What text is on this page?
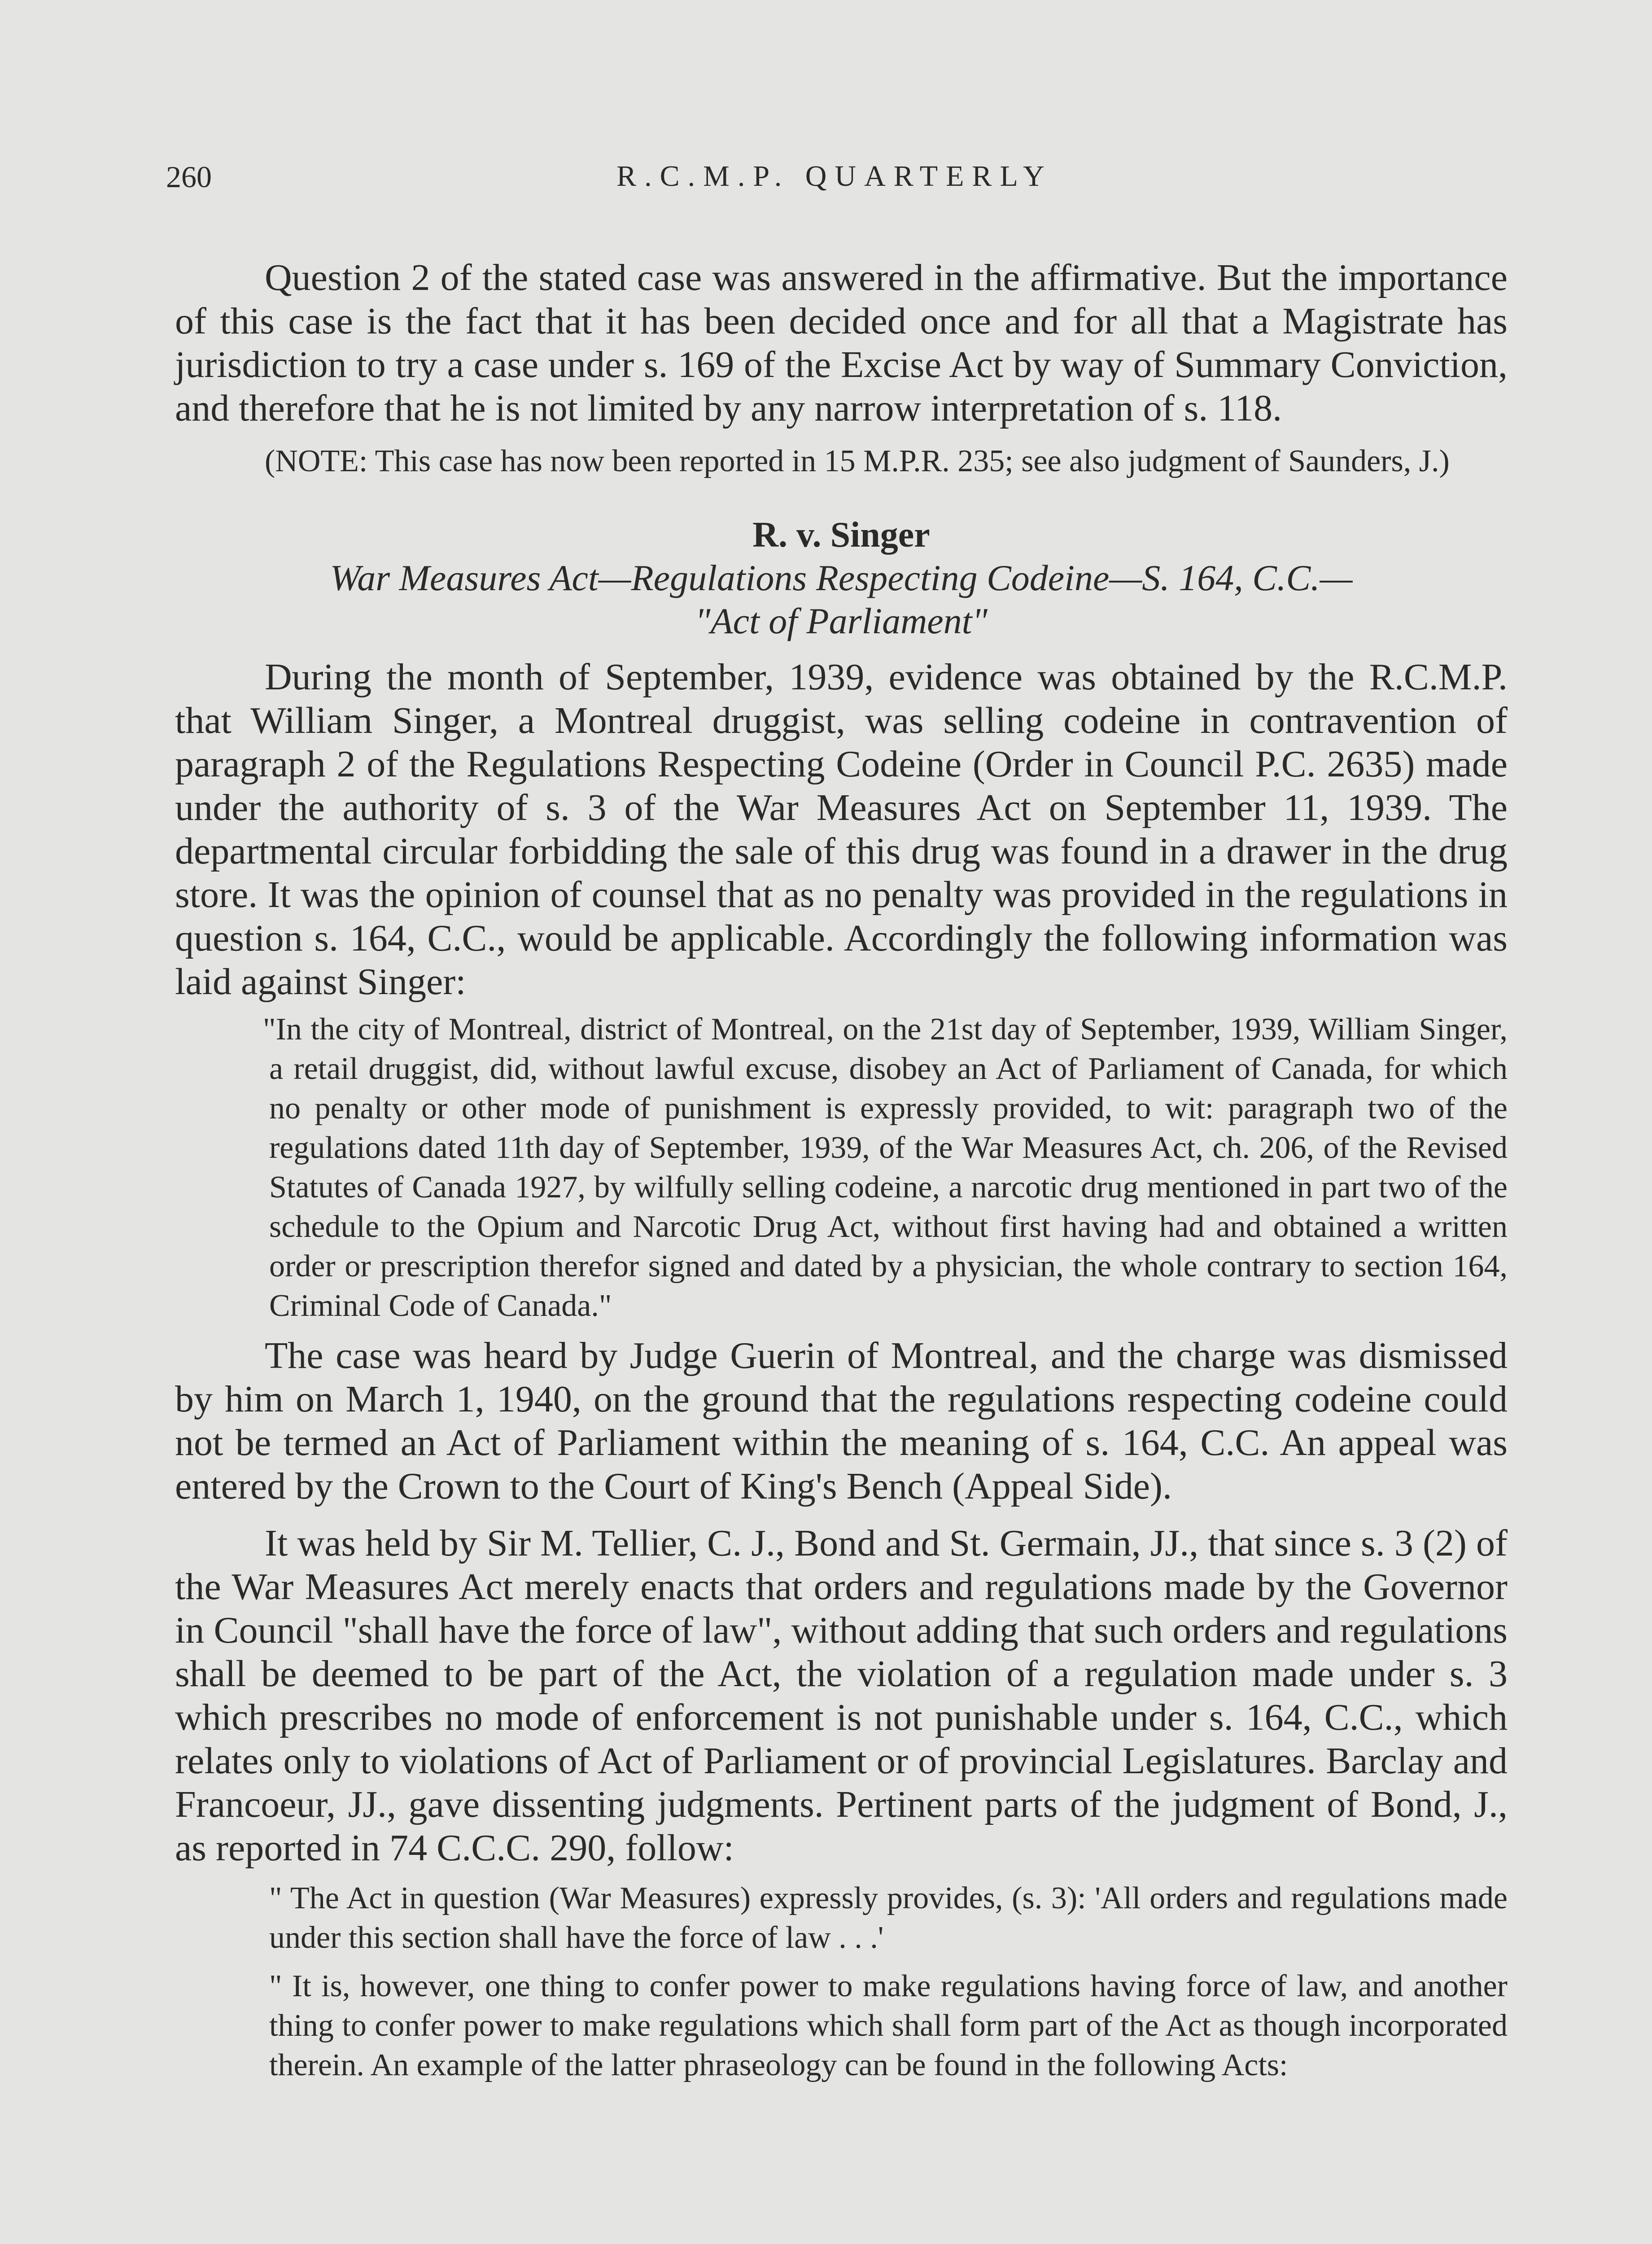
260	R.C.M.P. QUARTERLY

Question 2 of the stated case was answered in the affirmative. But the importance of this case is the fact that it has been decided once and for all that a Magistrate has jurisdiction to try a case under s. 169 of the Excise Act by way of Summary Conviction, and therefore that he is not limited by any narrow interpretation of s. 118.

(NOTE: This case has now been reported in 15 M.P.R. 235; see also judgment of Saunders, J.)

R. v. Singer
War Measures Act—Regulations Respecting Codeine—S. 164, C.C.—
"Act of Parliament"

During the month of September, 1939, evidence was obtained by the R.C.M.P. that William Singer, a Montreal druggist, was selling codeine in contravention of paragraph 2 of the Regulations Respecting Codeine (Order in Council P.C. 2635) made under the authority of s. 3 of the War Measures Act on September 11, 1939. The departmental circular forbidding the sale of this drug was found in a drawer in the drug store. It was the opinion of counsel that as no penalty was provided in the regulations in question s. 164, C.C., would be applicable. Accordingly the following information was laid against Singer:

"In the city of Montreal, district of Montreal, on the 21st day of September, 1939, William Singer, a retail druggist, did, without lawful excuse, disobey an Act of Parliament of Canada, for which no penalty or other mode of punishment is expressly provided, to wit: paragraph two of the regulations dated 11th day of September, 1939, of the War Measures Act, ch. 206, of the Revised Statutes of Canada 1927, by wilfully selling codeine, a narcotic drug mentioned in part two of the schedule to the Opium and Narcotic Drug Act, without first having had and obtained a written order or prescription therefor signed and dated by a physician, the whole contrary to section 164, Criminal Code of Canada."

The case was heard by Judge Guerin of Montreal, and the charge was dismissed by him on March 1, 1940, on the ground that the regulations respecting codeine could not be termed an Act of Parliament within the meaning of s. 164, C.C. An appeal was entered by the Crown to the Court of King's Bench (Appeal Side).

It was held by Sir M. Tellier, C. J., Bond and St. Germain, JJ., that since s. 3 (2) of the War Measures Act merely enacts that orders and regulations made by the Governor in Council "shall have the force of law", without adding that such orders and regulations shall be deemed to be part of the Act, the violation of a regulation made under s. 3 which prescribes no mode of enforcement is not punishable under s. 164, C.C., which relates only to violations of Act of Parliament or of provincial Legislatures. Barclay and Francoeur, JJ., gave dissenting judgments. Pertinent parts of the judgment of Bond, J., as reported in 74 C.C.C. 290, follow:

" The Act in question (War Measures) expressly provides, (s. 3): 'All orders and regulations made under this section shall have the force of law . . .'

" It is, however, one thing to confer power to make regulations having force of law, and another thing to confer power to make regulations which shall form part of the Act as though incorporated therein. An example of the latter phraseology can be found in the following Acts:
